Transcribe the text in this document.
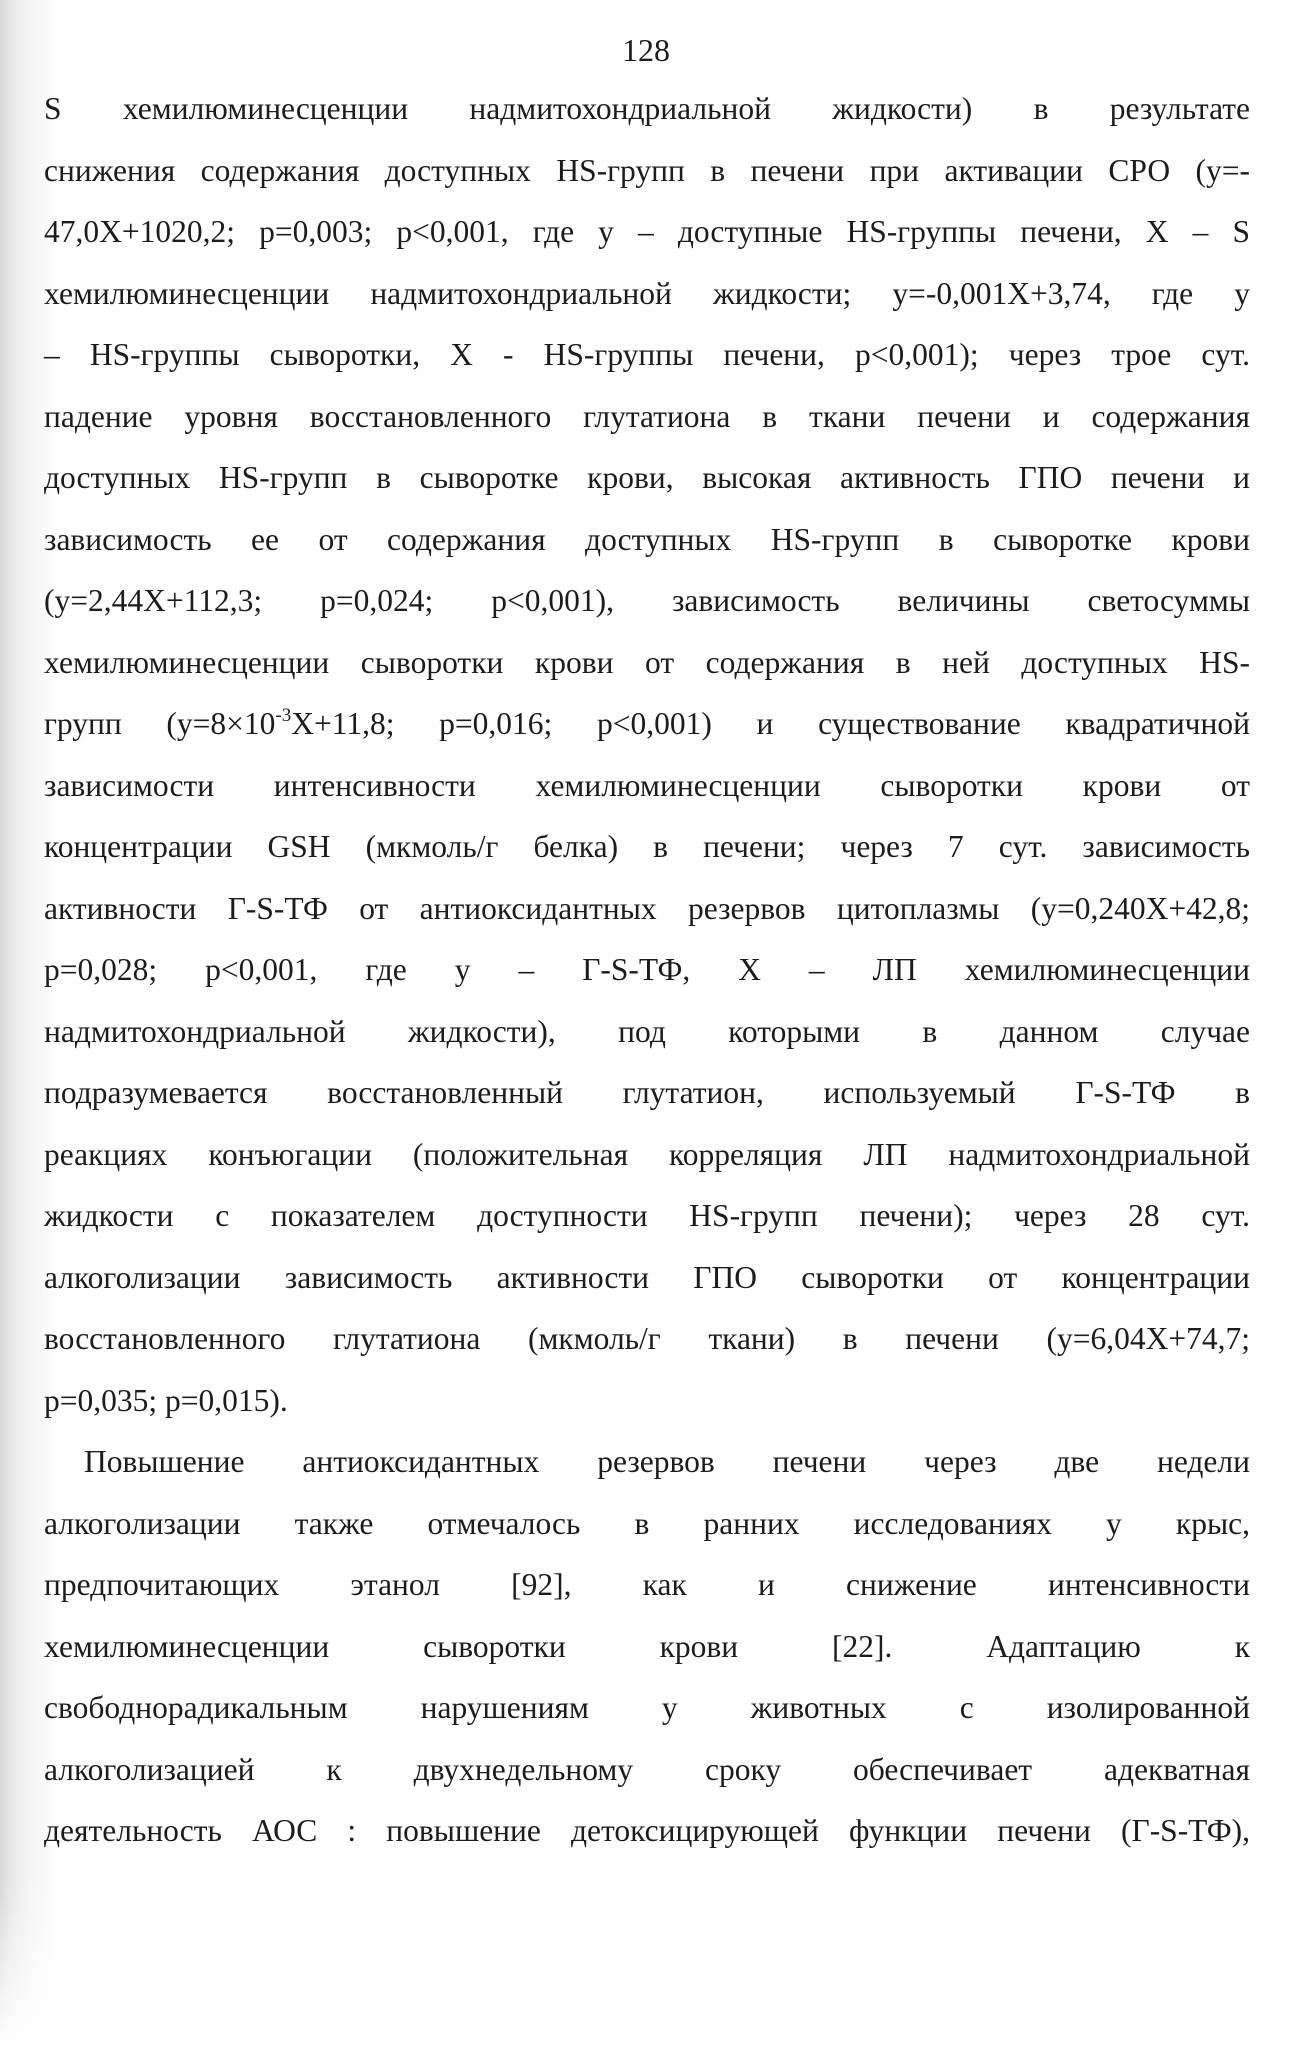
128
S хемилюминесценции надмитохондриальной жидкости) в результате
снижения содержания доступных HS-групп в печени при активации СРО (y=-
47,0X+1020,2; p=0,003; p<0,001, где y – доступные HS-группы печени, X – S
хемилюминесценции надмитохондриальной жидкости; y=-0,001X+3,74, где y
– HS-группы сыворотки, X - HS-группы печени, p<0,001); через трое сут.
падение уровня восстановленного глутатиона в ткани печени и содержания
доступных HS-групп в сыворотке крови, высокая активность ГПО печени и
зависимость ее от содержания доступных HS-групп в сыворотке крови
(y=2,44X+112,3; p=0,024; p<0,001), зависимость величины светосуммы
хемилюминесценции сыворотки крови от содержания в ней доступных HS-
групп ($y=8\times 10^{-3}X+11,8$; p=0,016; p<0,001) и существование квадратичной
зависимости интенсивности хемилюминесценции сыворотки крови от
концентрации GSH (мкмоль/г белка) в печени; через 7 сут. зависимость
активности Г-S-ТФ от антиоксидантных резервов цитоплазмы (y=0,240X+42,8;
p=0,028; p<0,001, где y – Г-S-ТФ, X – ЛП хемилюминесценции
надмитохондриальной жидкости), под которыми в данном случае
подразумевается восстановленный глутатион, используемый Г-S-ТФ в
реакциях конъюгации (положительная корреляция ЛП надмитохондриальной
жидкости с показателем доступности HS-групп печени); через 28 сут.
алкоголизации зависимость активности ГПО сыворотки от концентрации
восстановленного глутатиона (мкмоль/г ткани) в печени (y=6,04X+74,7;
p=0,035; p=0,015).
Повышение антиоксидантных резервов печени через две недели
алкоголизации также отмечалось в ранних исследованиях у крыс,
предпочитающих этанол [92], как и снижение интенсивности
хемилюминесценции сыворотки крови [22]. Адаптацию к
свободнорадикальным нарушениям у животных с изолированной
алкоголизацией к двухнедельному сроку обеспечивает адекватная
деятельность АОС : повышение детоксицирующей функции печени (Г-S-ТФ),
